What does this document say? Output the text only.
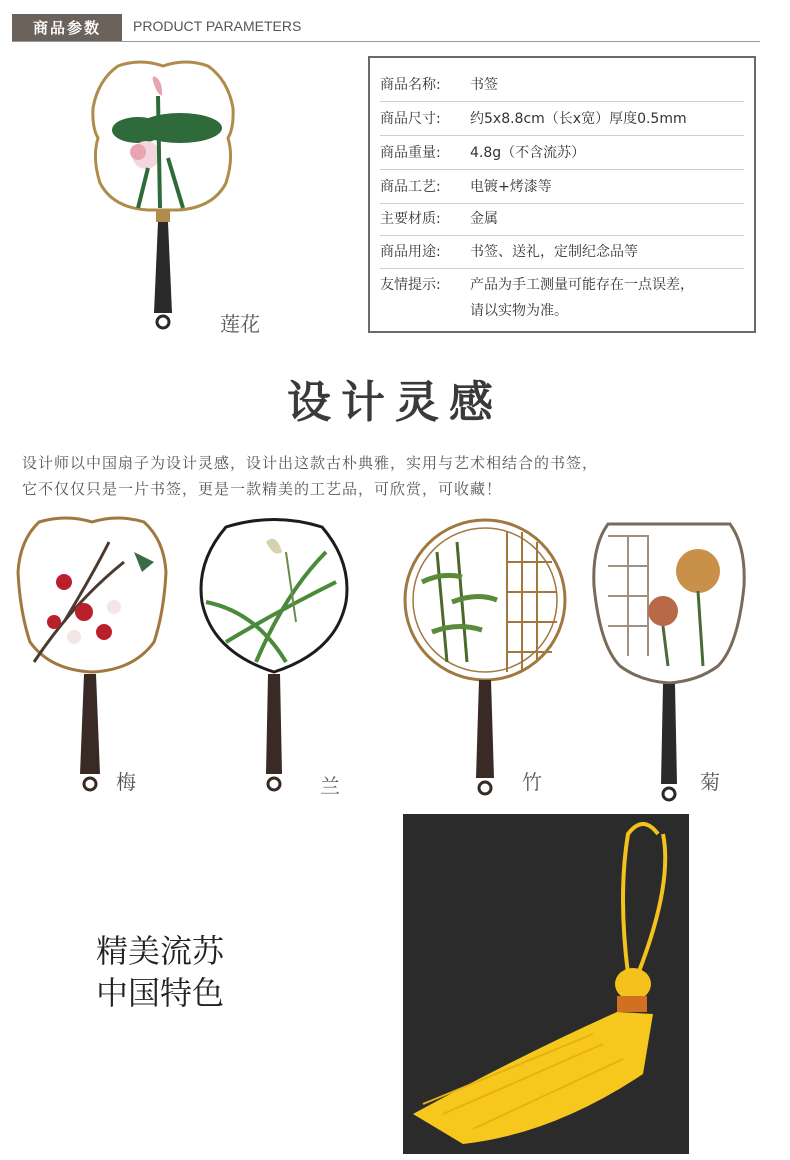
商品参数	PRODUCT PARAMETERS
莲花
商品名称: 书签
商品尺寸: 约5x8.8cm（长x宽）厚度0.5mm
商品重量: 4.8g（不含流苏）
商品工艺: 电镀+烤漆等
主要材质: 金属
商品用途: 书签、送礼，定制纪念品等
友情提示: 产品为手工测量可能存在一点误差，
请以实物为准。
设计灵感
设计师以中国扇子为设计灵感，设计出这款古朴典雅，实用与艺术相结合的书签，
它不仅仅只是一片书签，更是一款精美的工艺品，可欣赏，可收藏！
梅	兰	竹	菊
精美流苏
中国特色
